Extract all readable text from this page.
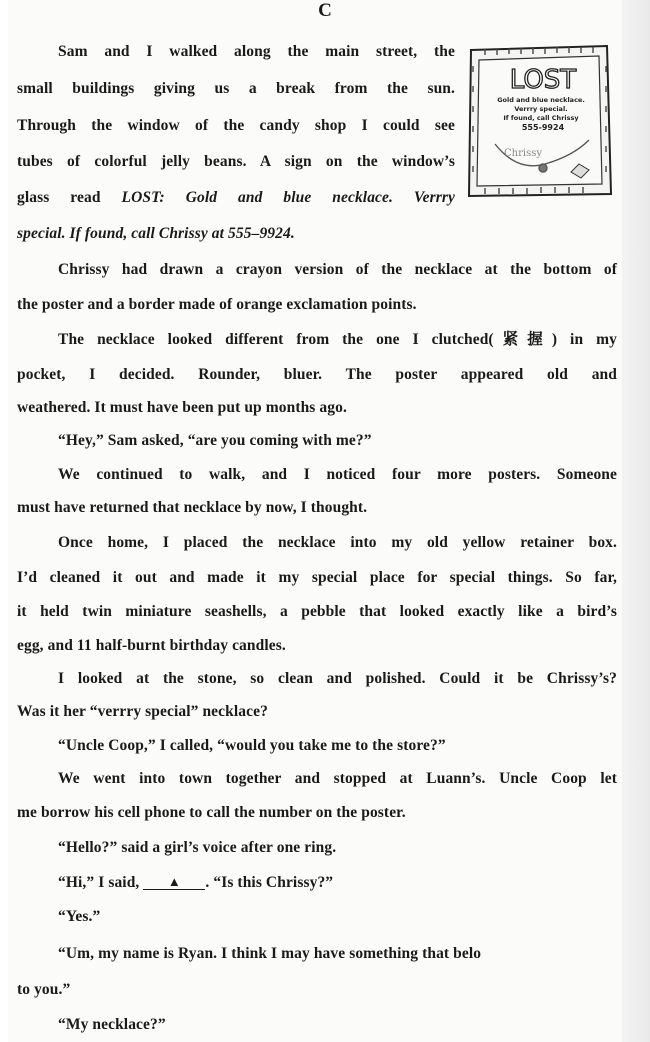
C
LOST
Gold and blue necklace.
Verrry special.
If found, call Chrissy
555-9924
Chrissy
Sam and I walked along the main street, the
small buildings giving us a break from the sun.
Through the window of the candy shop I could see
tubes of colorful jelly beans. A sign on the window’s
glass read LOST: Gold and blue necklace. Verrry
special. If found, call Chrissy at 555–9924.
Chrissy had drawn a crayon version of the necklace at the bottom of
the poster and a border made of orange exclamation points.
The necklace looked different from the one I clutched(紧握) in my
pocket, I decided. Rounder, bluer. The poster appeared old and
weathered. It must have been put up months ago.
“Hey,” Sam asked, “are you coming with me?”
We continued to walk, and I noticed four more posters. Someone
must have returned that necklace by now, I thought.
Once home, I placed the necklace into my old yellow retainer box.
I’d cleaned it out and made it my special place for special things. So far,
it held twin miniature seashells, a pebble that looked exactly like a bird’s
egg, and 11 half-burnt birthday candles.
I looked at the stone, so clean and polished. Could it be Chrissy’s?
Was it her “verrry special” necklace?
“Uncle Coop,” I called, “would you take me to the store?”
We went into town together and stopped at Luann’s. Uncle Coop let
me borrow his cell phone to call the number on the poster.
“Hello?” said a girl’s voice after one ring.
“Hi,” I said, ▲ . “Is this Chrissy?”
“Yes.”
“Um, my name is Ryan. I think I may have something that belo
to you.”
“My necklace?”
